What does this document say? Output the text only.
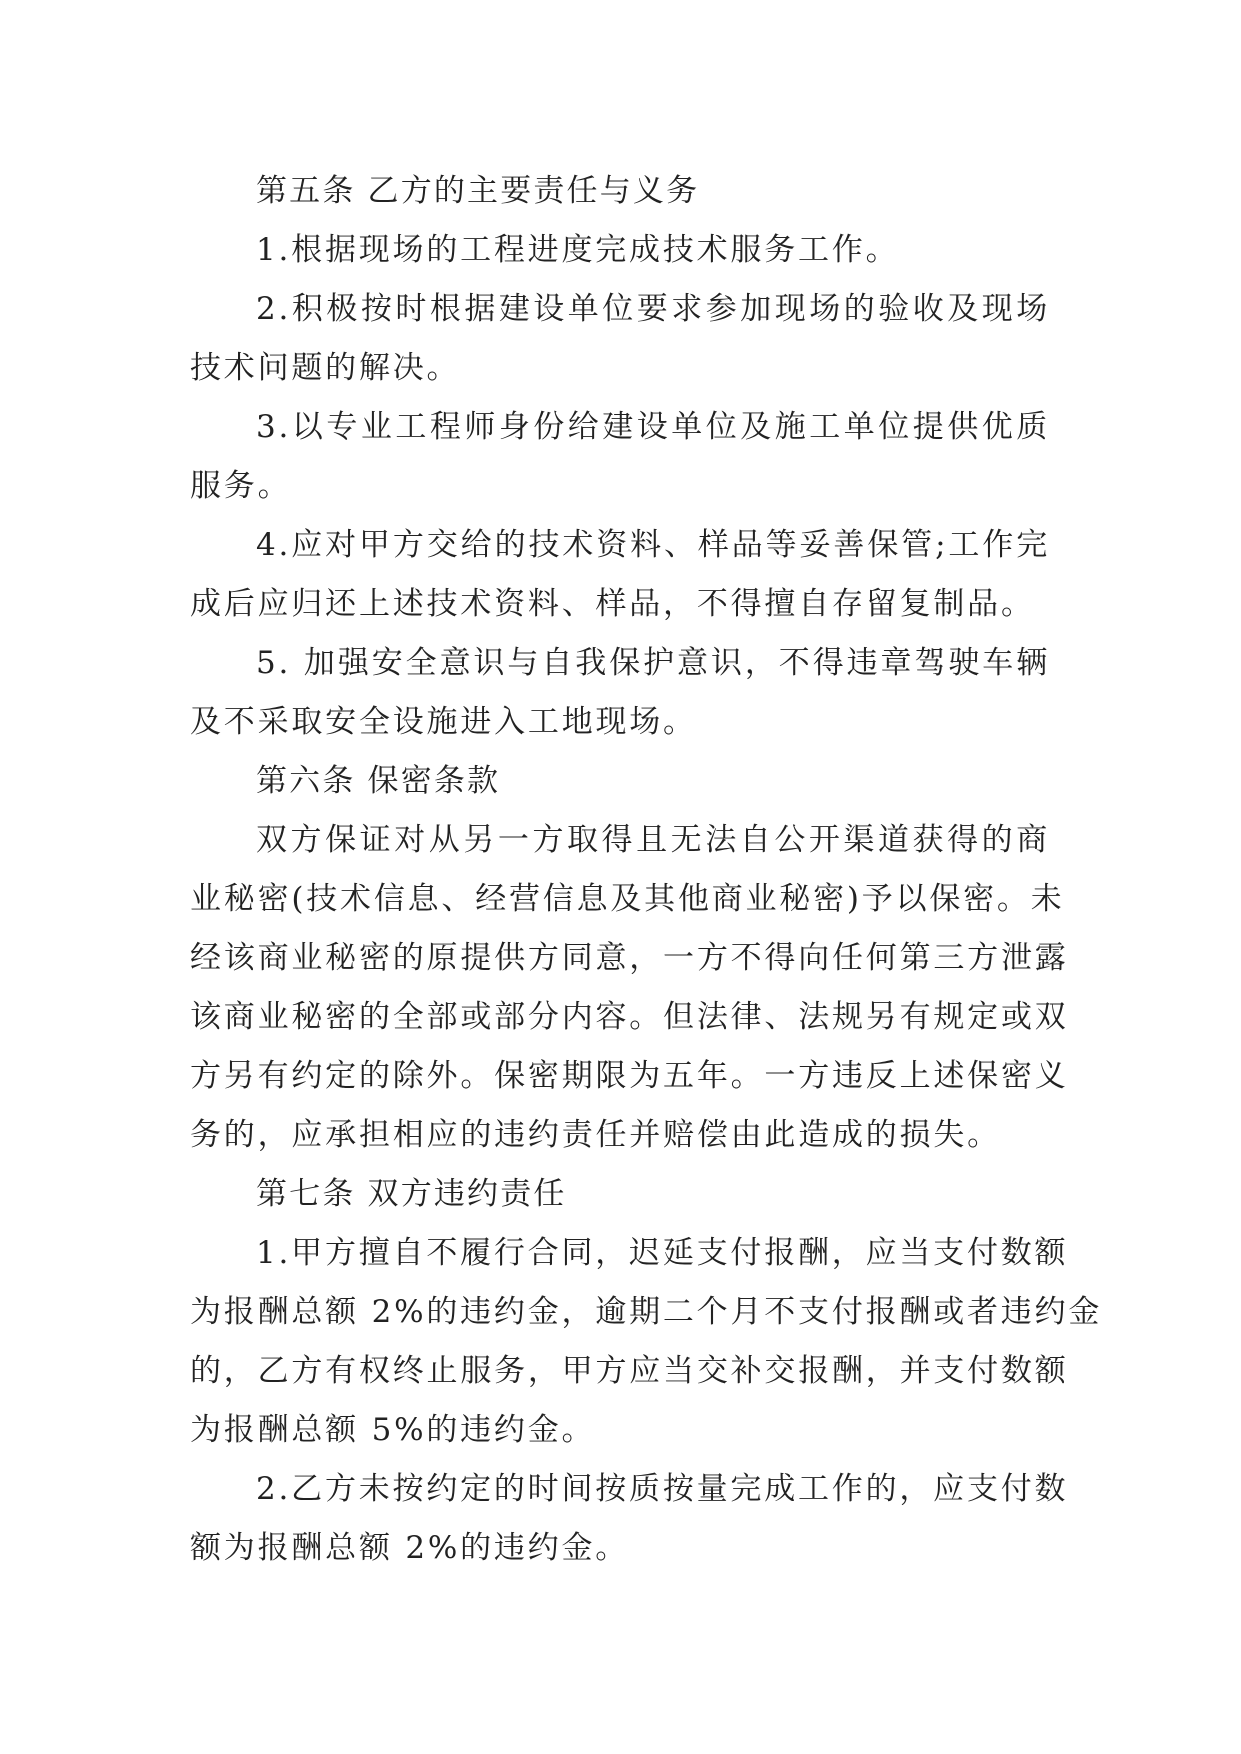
第五条 乙方的主要责任与义务
1.根据现场的工程进度完成技术服务工作。
2.积极按时根据建设单位要求参加现场的验收及现场
技术问题的解决。
3.以专业工程师身份给建设单位及施工单位提供优质
服务。
4.应对甲方交给的技术资料、样品等妥善保管;工作完
成后应归还上述技术资料、样品，不得擅自存留复制品。
5. 加强安全意识与自我保护意识，不得违章驾驶车辆
及不采取安全设施进入工地现场。
第六条 保密条款
双方保证对从另一方取得且无法自公开渠道获得的商
业秘密(技术信息、经营信息及其他商业秘密)予以保密。未
经该商业秘密的原提供方同意，一方不得向任何第三方泄露
该商业秘密的全部或部分内容。但法律、法规另有规定或双
方另有约定的除外。保密期限为五年。一方违反上述保密义
务的，应承担相应的违约责任并赔偿由此造成的损失。
第七条 双方违约责任
1.甲方擅自不履行合同，迟延支付报酬，应当支付数额
为报酬总额 2%的违约金，逾期二个月不支付报酬或者违约金
的，乙方有权终止服务，甲方应当交补交报酬，并支付数额
为报酬总额 5%的违约金。
2.乙方未按约定的时间按质按量完成工作的，应支付数
额为报酬总额 2%的违约金。
